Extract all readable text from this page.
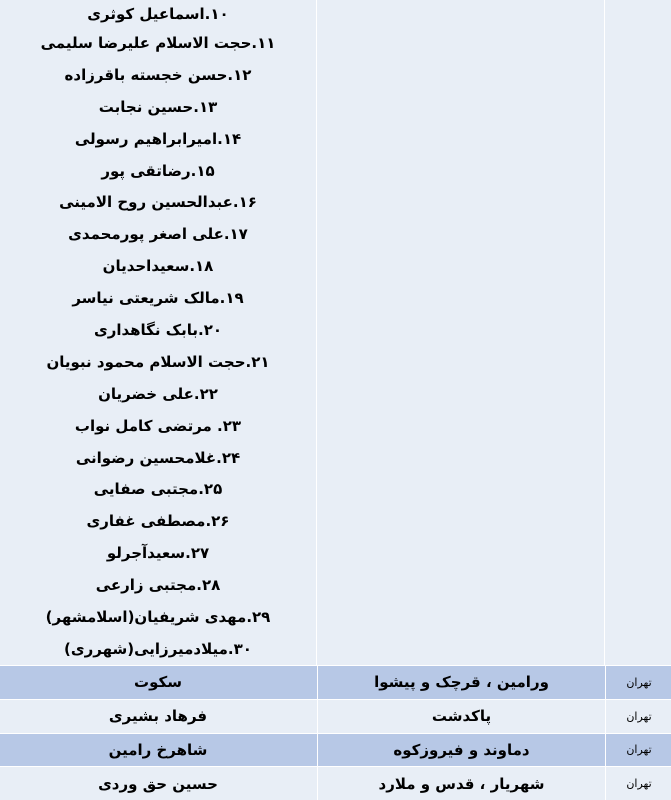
۱۰.اسماعیل کوثری
۱۱.حجت الاسلام علیرضا سلیمی
۱۲.حسن خجسته باقرزاده
۱۳.حسین نجابت
۱۴.امیرابراهیم رسولی
۱۵.رضاتقی پور
۱۶.عبدالحسین روح الامینی
۱۷.علی اصغر پورمحمدی
۱۸.سعیداحدیان
۱۹.مالک شریعتی نیاسر
۲۰.بابک نگاهداری
۲۱.حجت الاسلام محمود نبویان
۲۲.علی خضریان
۲۳. مرتضی کامل نواب
۲۴.غلامحسین رضوانی
۲۵.مجتبی صفایی
۲۶.مصطفی غفاری
۲۷.سعیدآجرلو
۲۸.مجتبی زارعی
۲۹.مهدی شریفیان(اسلامشهر)
۳۰.میلادمیرزایی(شهرری)
سکوت	ورامین ، قرچک و پیشوا	تهران
فرهاد بشیری	پاکدشت	تهران
شاهرخ رامین	دماوند و فیروزکوه	تهران
حسین حق وردی	شهریار ، قدس و ملارد	تهران
